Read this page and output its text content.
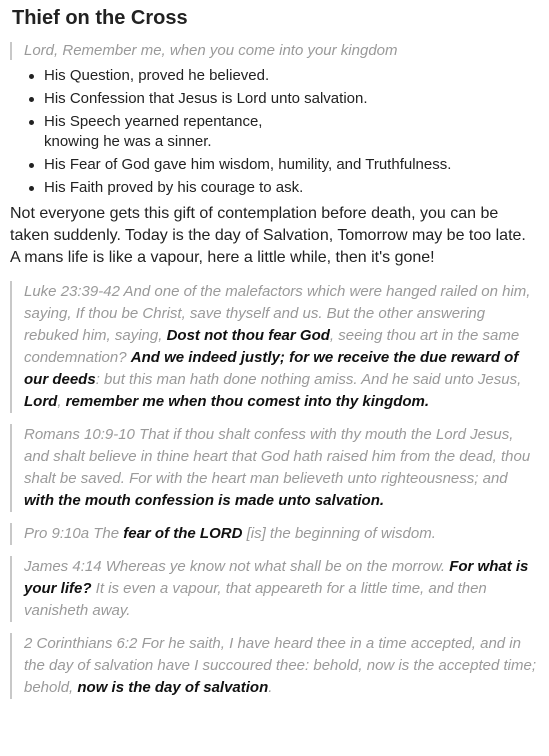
Thief on the Cross
Lord, Remember me, when you come into your kingdom
His Question, proved he believed.
His Confession that Jesus is Lord unto salvation.
His Speech yearned repentance,
knowing he was a sinner.
His Fear of God gave him wisdom, humility, and Truthfulness.
His Faith proved by his courage to ask.
Not everyone gets this gift of contemplation before death, you can be taken suddenly. Today is the day of Salvation, Tomorrow may be too late. A mans life is like a vapour, here a little while, then it's gone!
Luke 23:39-42 And one of the malefactors which were hanged railed on him, saying, If thou be Christ, save thyself and us. But the other answering rebuked him, saying, Dost not thou fear God, seeing thou art in the same condemnation? And we indeed justly; for we receive the due reward of our deeds: but this man hath done nothing amiss. And he said unto Jesus, Lord, remember me when thou comest into thy kingdom.
Romans 10:9-10 That if thou shalt confess with thy mouth the Lord Jesus, and shalt believe in thine heart that God hath raised him from the dead, thou shalt be saved. For with the heart man believeth unto righteousness; and with the mouth confession is made unto salvation.
Pro 9:10a The fear of the LORD [is] the beginning of wisdom.
James 4:14 Whereas ye know not what shall be on the morrow. For what is your life? It is even a vapour, that appeareth for a little time, and then vanisheth away.
2 Corinthians 6:2 For he saith, I have heard thee in a time accepted, and in the day of salvation have I succoured thee: behold, now is the accepted time; behold, now is the day of salvation.
